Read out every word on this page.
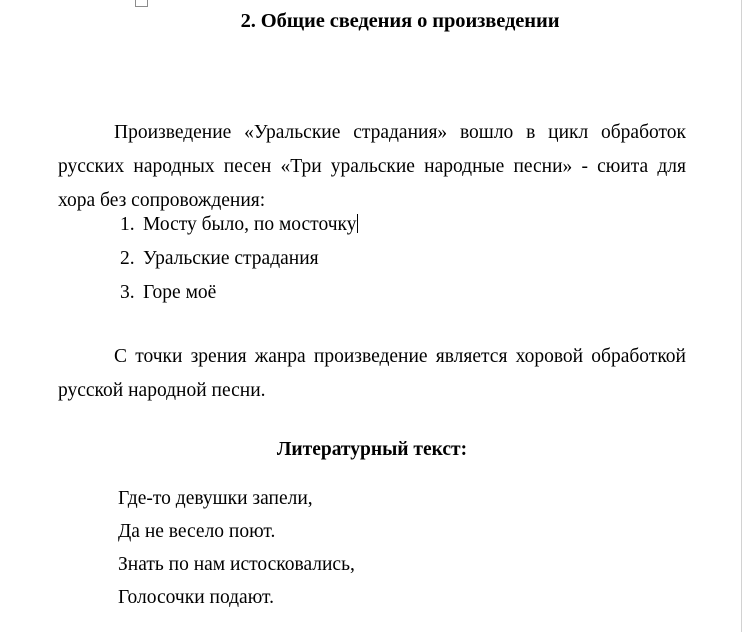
2. Общие сведения о произведении

Произведение «Уральские страдания» вошло в цикл обработок русских народных песен «Три уральские народные песни» - сюита для хора без сопровождения:

1. Мосту было, по мосточку
2. Уральские страдания
3. Горе моё

С точки зрения жанра произведение является хоровой обработкой русской народной песни.

Литературный текст:
Где-то девушки запели,
Да не весело поют.
Знать по нам истосковались,
Голосочки подают.
